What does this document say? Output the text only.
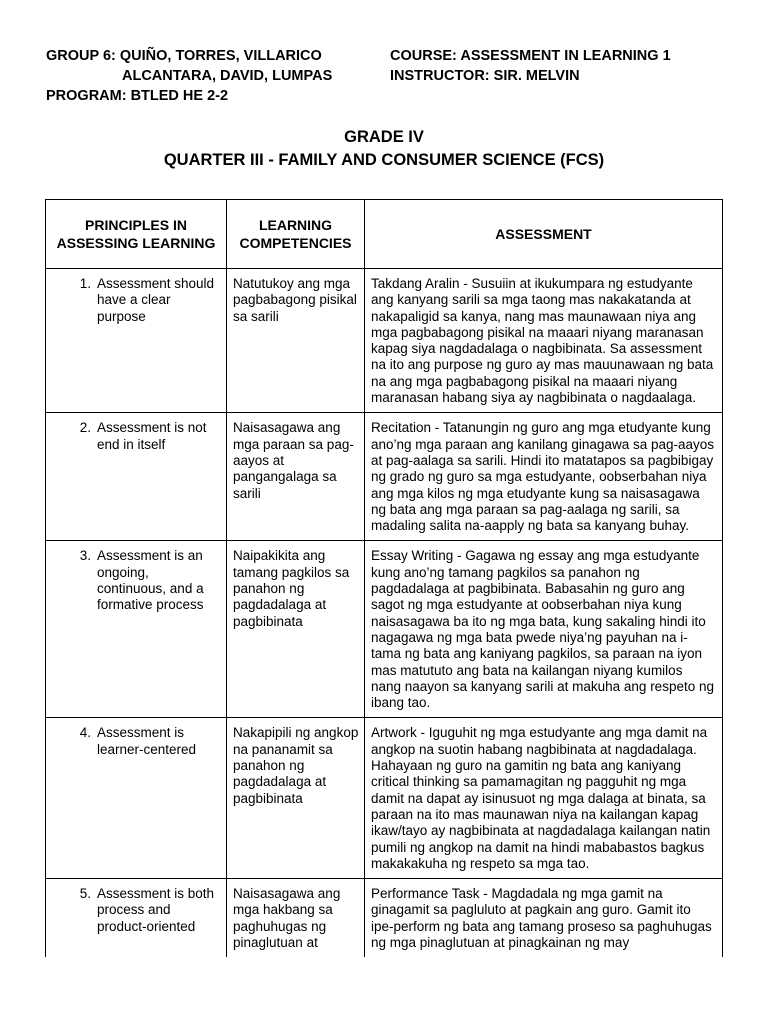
GROUP 6: QUIÑO, TORRES, VILLARICO	COURSE: ASSESSMENT IN LEARNING 1
ALCANTARA, DAVID, LUMPAS	INSTRUCTOR: SIR. MELVIN
PROGRAM: BTLED HE 2-2
GRADE IV
QUARTER III - FAMILY AND CONSUMER SCIENCE (FCS)
PRINCIPLES IN ASSESSING LEARNING	LEARNING COMPETENCIES	ASSESSMENT

1. Assessment should have a clear purpose	Natutukoy ang mga pagbabagong pisikal sa sarili	Takdang Aralin - Susuiin at ikukumpara ng estudyante ang kanyang sarili sa mga taong mas nakakatanda at nakapaligid sa kanya, nang mas maunawaan niya ang mga pagbabagong pisikal na maaari niyang maranasan kapag siya nagdadalaga o nagbibinata. Sa assessment na ito ang purpose ng guro ay mas mauunawaan ng bata na ang mga pagbabagong pisikal na maaari niyang maranasan habang siya ay nagbibinata o nagdaalaga.

2. Assessment is not end in itself	Naisasagawa ang mga paraan sa pag-aayos at pangangalaga sa sarili	Recitation - Tatanungin ng guro ang mga etudyante kung ano’ng mga paraan ang kanilang ginagawa sa pag-aayos at pag-aalaga sa sarili. Hindi ito matatapos sa pagbibigay ng grado ng guro sa mga estudyante, oobserbahan niya ang mga kilos ng mga etudyante kung sa naisasagawa ng bata ang mga paraan sa pag-aalaga ng sarili, sa madaling salita na-aapply ng bata sa kanyang buhay.

3. Assessment is an ongoing, continuous, and a formative process	Naipakikita ang tamang pagkilos sa panahon ng pagdadalaga at pagbibinata	Essay Writing - Gagawa ng essay ang mga estudyante kung ano’ng tamang pagkilos sa panahon ng pagdadalaga at pagbibinata. Babasahin ng guro ang sagot ng mga estudyante at oobserbahan niya kung naisasagawa ba ito ng mga bata, kung sakaling hindi ito nagagawa ng mga bata pwede niya’ng payuhan na i-tama ng bata ang kaniyang pagkilos, sa paraan na iyon mas matututo ang bata na kailangan niyang kumilos nang naayon sa kanyang sarili at makuha ang respeto ng ibang tao.

4. Assessment is learner-centered	Nakapipili ng angkop na pananamit sa panahon ng pagdadalaga at pagbibinata	Artwork - Iguguhit ng mga estudyante ang mga damit na angkop na suotin habang nagbibinata at nagdadalaga. Hahayaan ng guro na gamitin ng bata ang kaniyang critical thinking sa pamamagitan ng pagguhit ng mga damit na dapat ay isinusuot ng mga dalaga at binata, sa paraan na ito mas maunawan niya na kailangan kapag ikaw/tayo ay nagbibinata at nagdadalaga kailangan natin pumili ng angkop na damit na hindi mababastos bagkus makakakuha ng respeto sa mga tao.

5. Assessment is both process and product-oriented	Naisasagawa ang mga hakbang sa paghuhugas ng pinaglutuan at	Performance Task - Magdadala ng mga gamit na ginagamit sa pagluluto at pagkain ang guro. Gamit ito ipe-perform ng bata ang tamang proseso sa paghuhugas ng mga pinaglutuan at pinagkainan ng may
